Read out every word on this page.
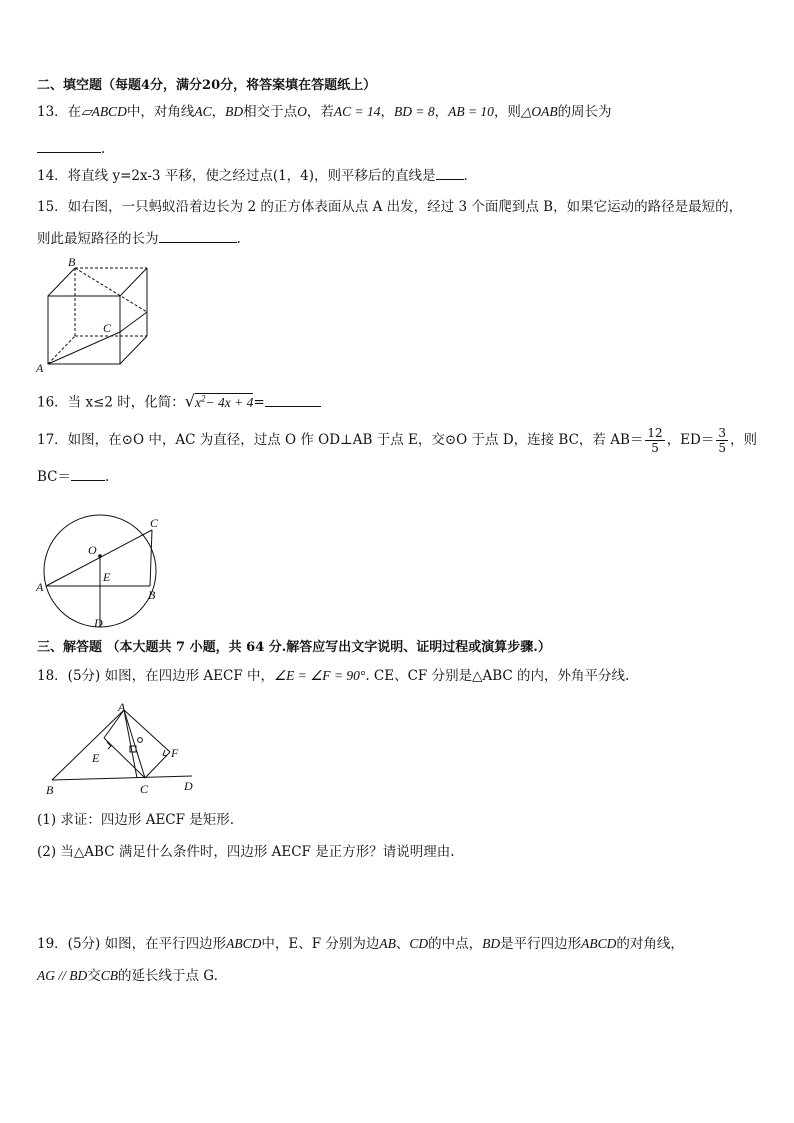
二、填空题（每题4分，满分20分，将答案填在答题纸上）
13．在▱ABCD中，对角线AC，BD相交于点O，若AC = 14，BD = 8，AB = 10，则△OAB的周长为
.
14．将直线 y=2x-3 平移，使之经过点(1，4)，则平移后的直线是 .
15．如右图，一只蚂蚁沿着边长为 2 的正方体表面从点 A 出发，经过 3 个面爬到点 B，如果它运动的路径是最短的，
则此最短路径的长为	.
B
A
C
16．当 x≤2 时，化简：$√x^2- 4x + 4=$
17．如图，在⊙O 中，AC 为直径，过点 O 作 OD⊥AB 于点 E，交⊙O 于点 D，连接 BC，若 $AB= \frac{12}{5}$ ，$ED= \frac{3}{5}$ ，则
BC＝	.
O
A
B
C
D
E
三、解答题 （本大题共 7 小题，共 64 分.解答应写出文字说明、证明过程或演算步骤.）
18．(5分) 如图，在四边形 AECF 中，∠E = ∠F = 90°. CE、CF 分别是△ABC 的内，外角平分线.
A
B	C	D
E	F
(1) 求证：四边形 AECF 是矩形.
(2) 当△ABC 满足什么条件时，四边形 AECF 是正方形？请说明理由.
19．(5分) 如图，在平行四边形ABCD中，E、F 分别为边AB、CD的中点，BD是平行四边形ABCD的对角线，
AG // BD交CB的延长线于点 G.
